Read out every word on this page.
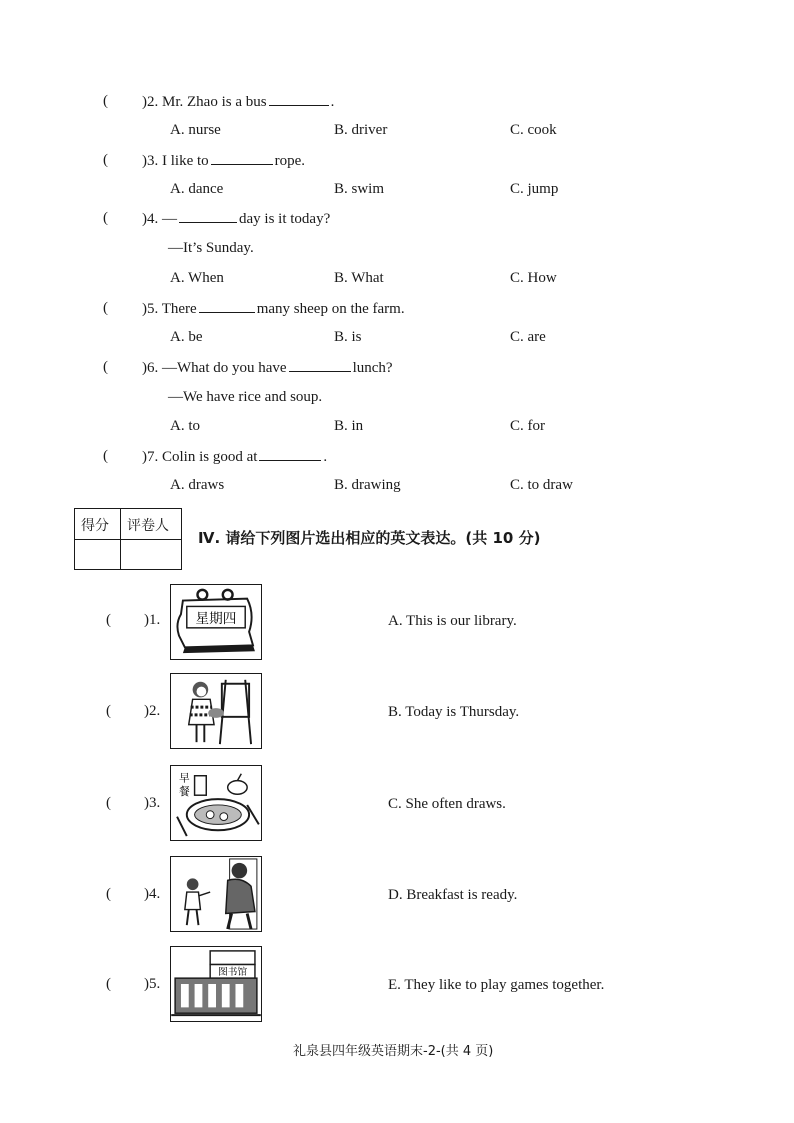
( )2. Mr. Zhao is a bus	.
A. nurse	B. driver	C. cook
( )3. I like to	rope.
A. dance	B. swim	C. jump
( )4. —	day is it today?
—It’s Sunday.
A. When	B. What	C. How
( )5. There	many sheep on the farm.
A. be	B. is	C. are
( )6. —What do you have	lunch?
—We have rice and soup.
A. to	B. in	C. for
( )7. Colin is good at	.
A. draws	B. drawing	C. to draw
得分 评卷人
Ⅳ. 请给下列图片选出相应的英文表达。(共 10 分)
( )1.	A. This is our library.
( )2.	B. Today is Thursday.
( )3.	C. She often draws.
( )4.	D. Breakfast is ready.
( )5.	E. They like to play games together.
星期四
早
餐
图书馆
礼泉县四年级英语期末-2-(共 4 页)
